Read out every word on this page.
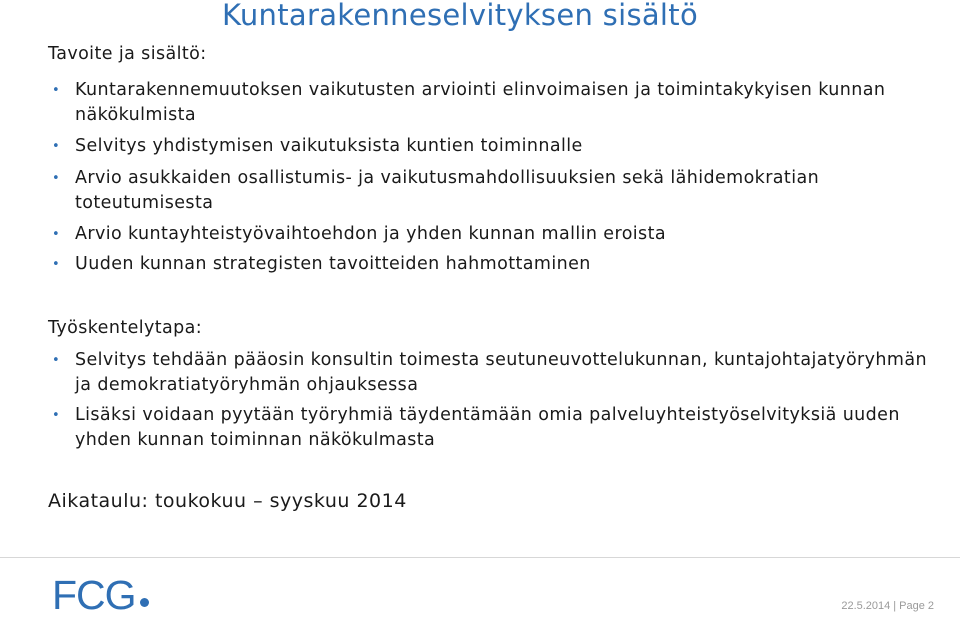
Kuntarakenneselvityksen sisältö
Tavoite ja sisältö:
• Kuntarakennemuutoksen vaikutusten arviointi elinvoimaisen ja toimintakykyisen kunnan näkökulmista
• Selvitys yhdistymisen vaikutuksista kuntien toiminnalle
• Arvio asukkaiden osallistumis- ja vaikutusmahdollisuuksien sekä lähidemokratian toteutumisesta
• Arvio kuntayhteistyövaihtoehdon ja yhden kunnan mallin eroista
• Uuden kunnan strategisten tavoitteiden hahmottaminen
Työskentelytapa:
• Selvitys tehdään pääosin konsultin toimesta seutuneuvottelukunnan, kuntajohtajatyöryhmän ja demokratiatyöryhmän ohjauksessa
• Lisäksi voidaan pyytään työryhmiä täydentämään omia palveluyhteistyöselvityksiä uuden yhden kunnan toiminnan näkökulmasta
Aikataulu: toukokuu – syyskuu 2014
FCG	22.5.2014 | Page 2
